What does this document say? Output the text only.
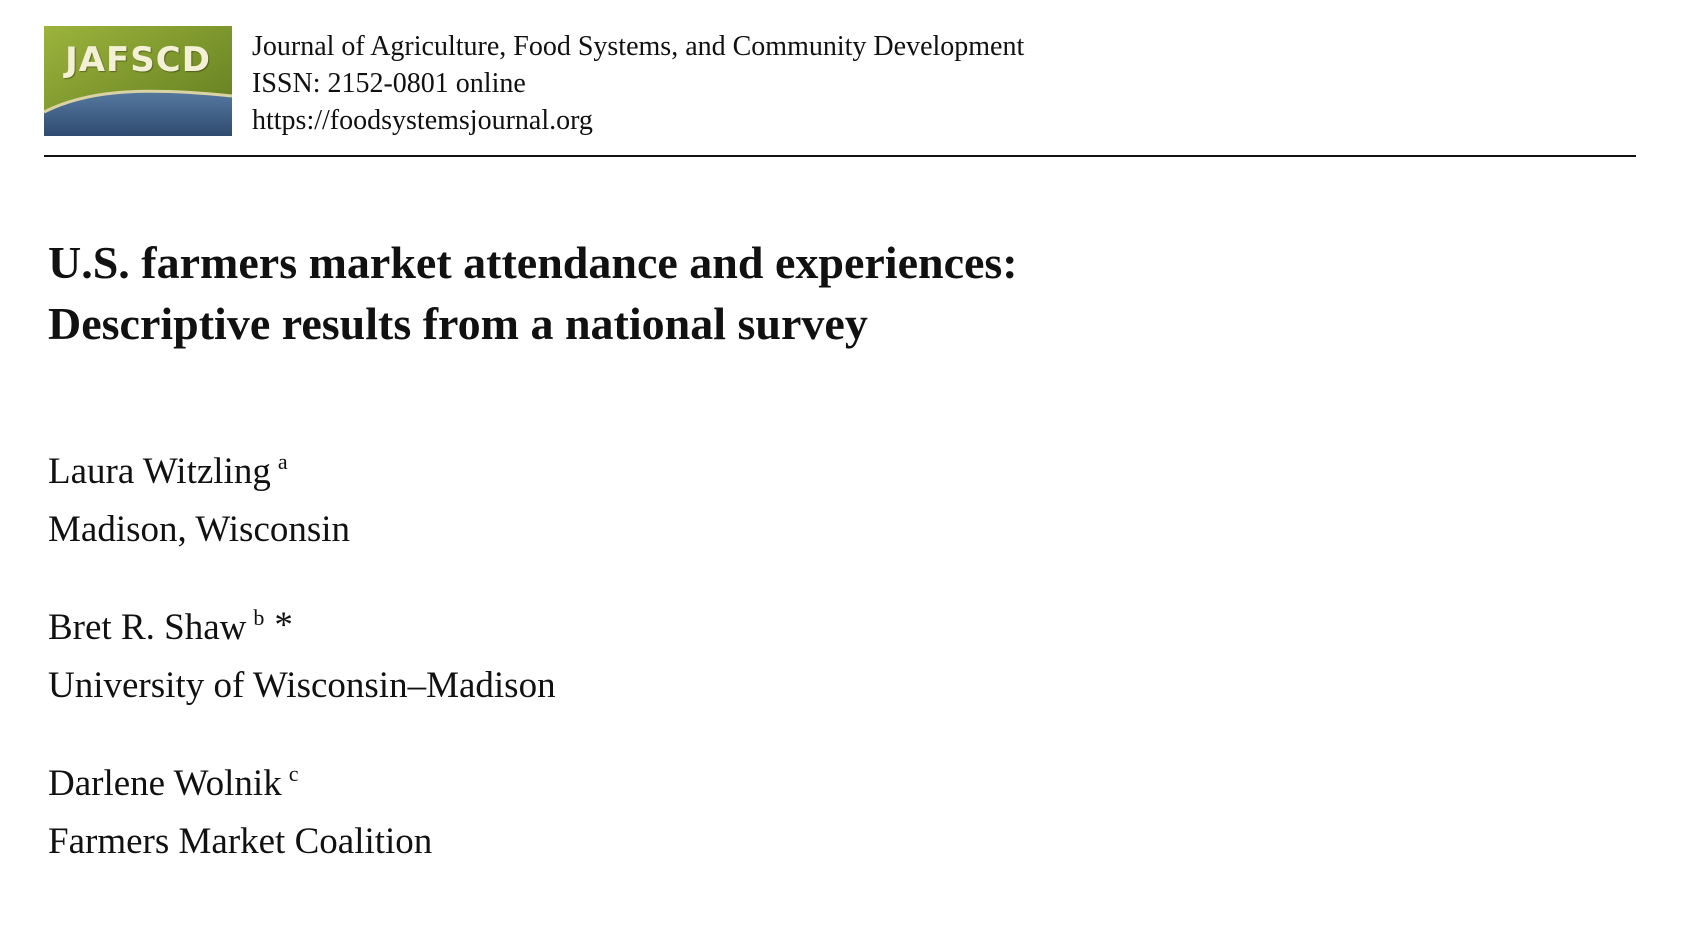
JAFSCD	Journal of Agriculture, Food Systems, and Community Development
ISSN: 2152-0801 online
https://foodsystemsjournal.org
U.S. farmers market attendance and experiences:
Descriptive results from a national survey
Laura Witzling $^a$
Madison, Wisconsin
Bret R. Shaw $^b$ *
University of Wisconsin–Madison
Darlene Wolnik $^c$
Farmers Market Coalition
